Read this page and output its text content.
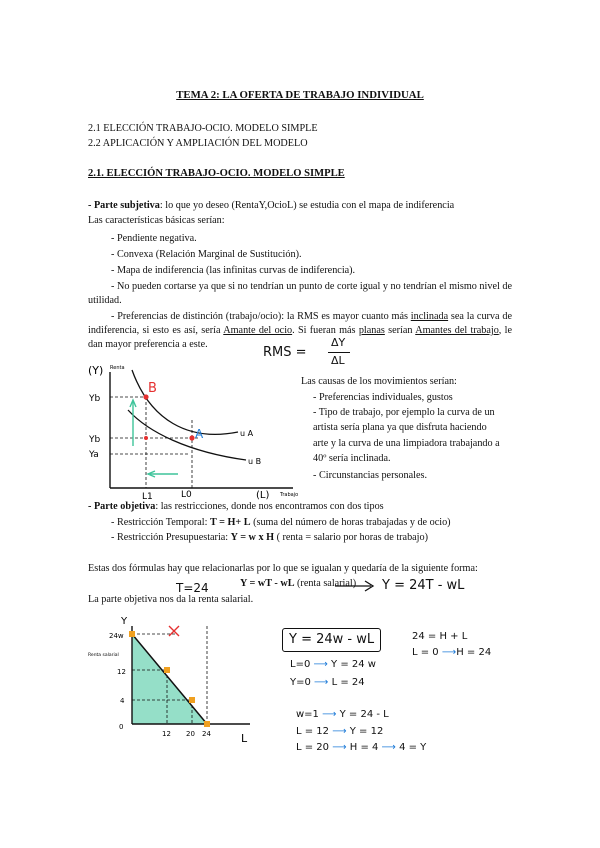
TEMA 2: LA OFERTA DE TRABAJO INDIVIDUAL
2.1 ELECCIÓN TRABAJO-OCIO. MODELO SIMPLE
2.2 APLICACIÓN Y AMPLIACIÓN DEL MODELO
2.1. ELECCIÓN TRABAJO-OCIO. MODELO SIMPLE
- Parte subjetiva: lo que yo deseo (RentaY,OcioL) se estudia con el mapa de indiferencia
Las características básicas serían:
- Pendiente negativa.
- Convexa (Relación Marginal de Sustitución).
- Mapa de indiferencia (las infinitas curvas de indiferencia).
- No pueden cortarse ya que si no tendrían un punto de corte igual y no tendrían el mismo nivel de utilidad.
- Preferencias de distinción (trabajo/ocio): la RMS es mayor cuanto más inclinada sea la curva de indiferencia, si esto es así, sería Amante del ocio. Si fueran más planas serían Amantes del trabajo, le dan mayor preferencia a este.
RMS =
ΔY
ΔL
(Y) Renta
Yb
Yb
Ya
L1	L0	(L) Trabajo
u A
u B
B
A
Las causas de los movimientos serían:
- Preferencias individuales, gustos
- Tipo de trabajo, por ejemplo la curva de un
artista sería plana ya que disfruta haciendo
arte y la curva de una limpiadora trabajando a
40º sería inclinada.
- Circunstancias personales.
- Parte objetiva: las restricciones, donde nos encontramos con dos tipos
- Restricción Temporal: T = H+ L (suma del número de horas trabajadas y de ocio)
- Restricción Presupuestaria: Y = w x H ( renta = salario por horas de trabajo)
Estas dos fórmulas hay que relacionarlas por lo que se igualan y quedaría de la siguiente forma:
T=24	Y = wT - wL (renta salarial) Y = 24T - wL
La parte objetiva nos da la renta salarial.
Y
24w
12
4
0
Renta salarial
12 20 24	L
Y = 24w - wL
L=0 ⟶ Y = 24 w
Y=0 ⟶ L = 24
24 = H + L
L = 0 ⟶H = 24
w=1 ⟶ Y = 24 - L
L = 12 ⟶ Y = 12
L = 20 ⟶ H = 4 ⟶ 4 = Y
